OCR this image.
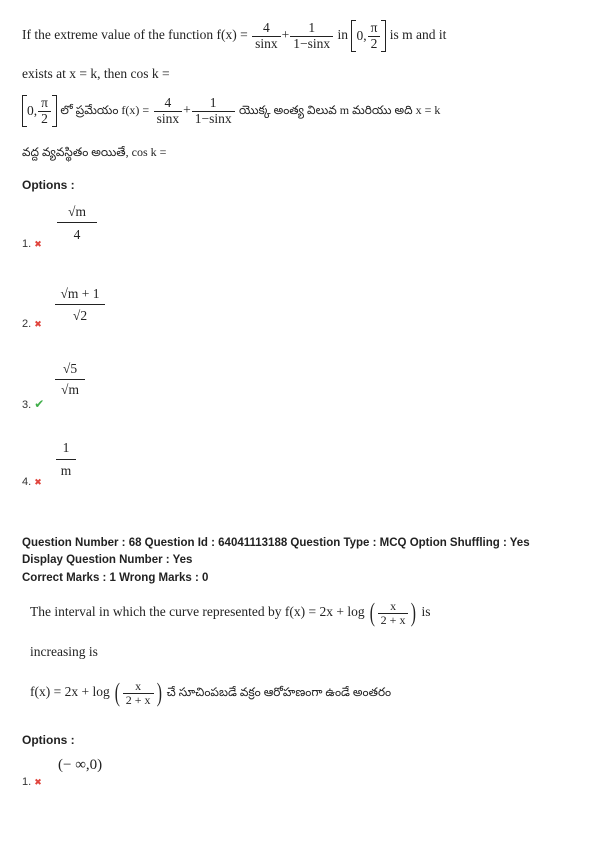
If the extreme value of the function $f(x) = \frac{4}{\sin x} + \frac{1}{1-\sin x}$ in 0, $\frac{\pi}{2}$ is m and it
exists at x = k, then cos k =
0, $\frac{\pi}{2}$ లో ప్రమేయం $f(x) = \frac{4}{\sin x} + \frac{1}{1-\sin x}$ యొక్క అంత్య విలువ m మరియు అది x = k
వద్ద వ్యవస్థితం అయితే, cos k =
Options :
$\frac{√m}{4}$
1. ✖
$\frac{√m + 1}{√2}$
2. ✖
$\frac{√5}{√m}$
3. ✔
$\frac{1}{m}$
4. ✖
Question Number : 68 Question Id : 64041113188 Question Type : MCQ Option Shuffling : Yes
Display Question Number : Yes
Correct Marks : 1 Wrong Marks : 0
The interval in which the curve represented by f(x) = 2x + log ( $\frac{x}{2 + x}$ ) is
increasing is
f(x) = 2x + log ( $\frac{x}{2 + x}$ ) చే సూచింపబడే వక్రం ఆరోహణంగా ఉండే అంతరం
Options :
(− ∞,0)
1. ✖
